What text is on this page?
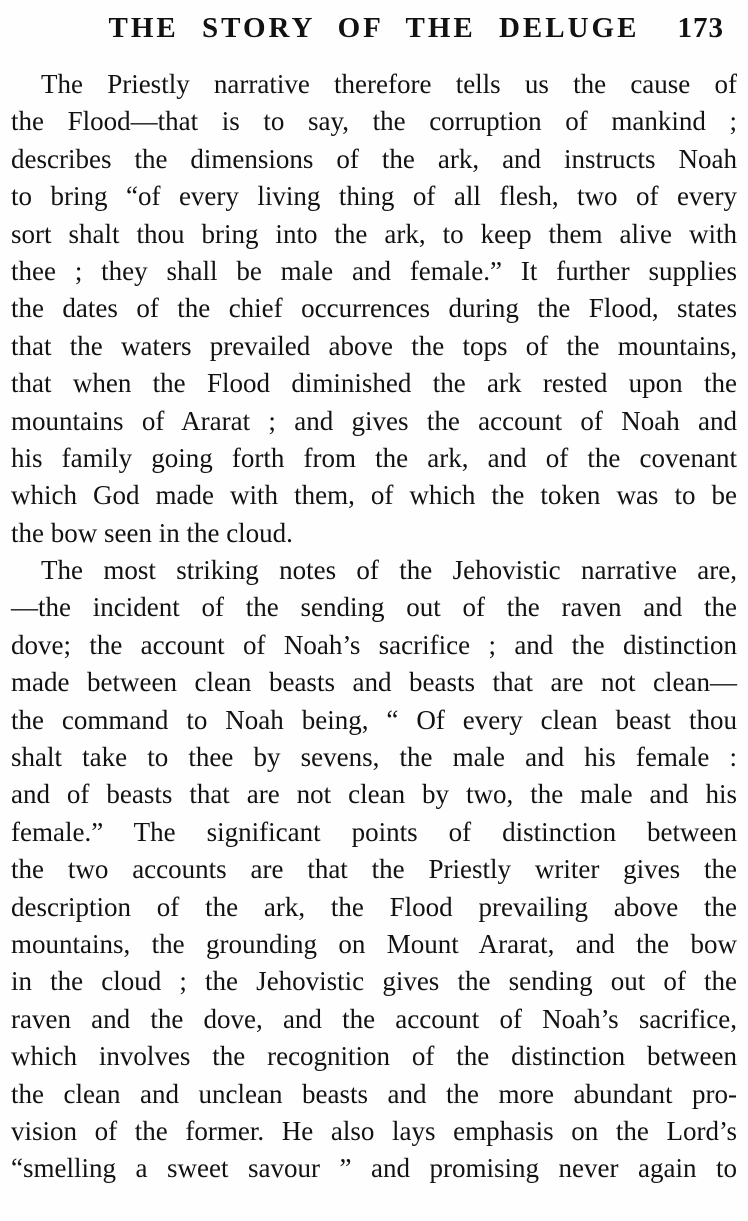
THE STORY OF THE DELUGE	173
The Priestly narrative therefore tells us the cause of
the Flood—that is to say, the corruption of mankind ;
describes the dimensions of the ark, and instructs Noah
to bring “of every living thing of all flesh, two of every
sort shalt thou bring into the ark, to keep them alive with
thee ; they shall be male and female.” It further supplies
the dates of the chief occurrences during the Flood, states
that the waters prevailed above the tops of the mountains,
that when the Flood diminished the ark rested upon the
mountains of Ararat ; and gives the account of Noah and
his family going forth from the ark, and of the covenant
which God made with them, of which the token was to be
the bow seen in the cloud.
The most striking notes of the Jehovistic narrative are,
—the incident of the sending out of the raven and the
dove; the account of Noah’s sacrifice ; and the distinction
made between clean beasts and beasts that are not clean—
the command to Noah being, “ Of every clean beast thou
shalt take to thee by sevens, the male and his female :
and of beasts that are not clean by two, the male and his
female.” The significant points of distinction between
the two accounts are that the Priestly writer gives the
description of the ark, the Flood prevailing above the
mountains, the grounding on Mount Ararat, and the bow
in the cloud ; the Jehovistic gives the sending out of the
raven and the dove, and the account of Noah’s sacrifice,
which involves the recognition of the distinction between
the clean and unclean beasts and the more abundant pro-
vision of the former. He also lays emphasis on the Lord’s
“smelling a sweet savour ” and promising never again to
